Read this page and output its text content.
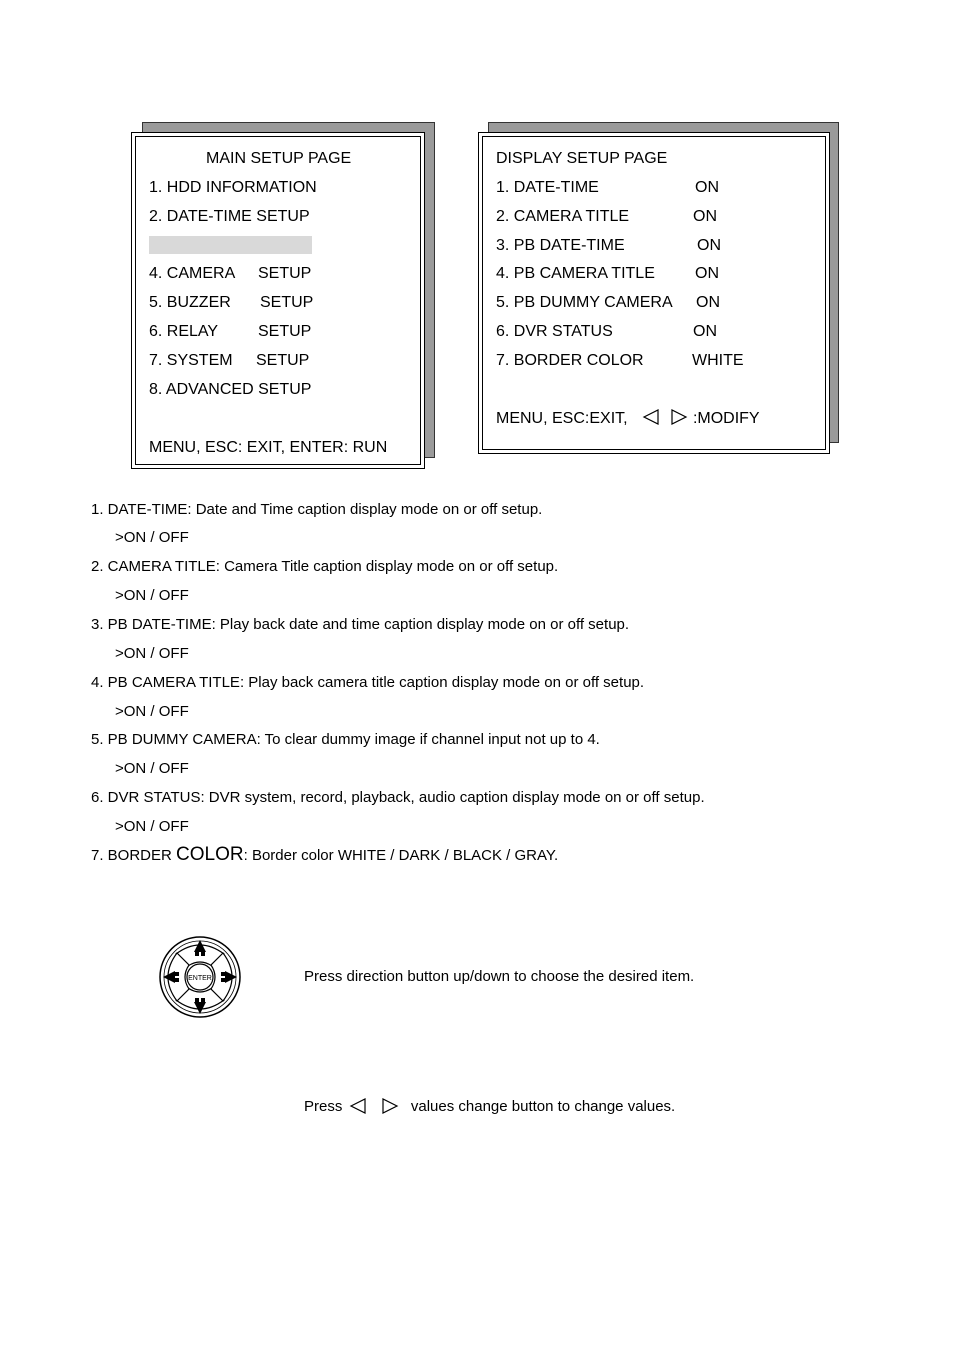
MAIN SETUP PAGE
1. HDD INFORMATION
2. DATE-TIME SETUP
4. CAMERA SETUP
5. BUZZER SETUP
6. RELAY SETUP
7. SYSTEM SETUP
8. ADVANCED SETUP
MENU, ESC: EXIT, ENTER: RUN
DISPLAY SETUP PAGE
1. DATE-TIME	ON
2. CAMERA TITLE	ON
3. PB DATE-TIME	ON
4. PB CAMERA TITLE	ON
5. PB DUMMY CAMERA ON
6. DVR STATUS	ON
7. BORDER COLOR	WHITE
MENU, ESC:EXIT,	:MODIFY
1. DATE-TIME: Date and Time caption display mode on or off setup.
>ON / OFF
2. CAMERA TITLE: Camera Title caption display mode on or off setup.
>ON / OFF
3. PB DATE-TIME: Play back date and time caption display mode on or off setup.
>ON / OFF
4. PB CAMERA TITLE: Play back camera title caption display mode on or off setup.
>ON / OFF
5. PB DUMMY CAMERA: To clear dummy image if channel input not up to 4.
>ON / OFF
6. DVR STATUS: DVR system, record, playback, audio caption display mode on or off setup.
>ON / OFF
7. BORDER COLOR: Border color WHITE / DARK / BLACK / GRAY.
ENTER	Press direction button up/down to choose the desired item.
Press	values change button to change values.
